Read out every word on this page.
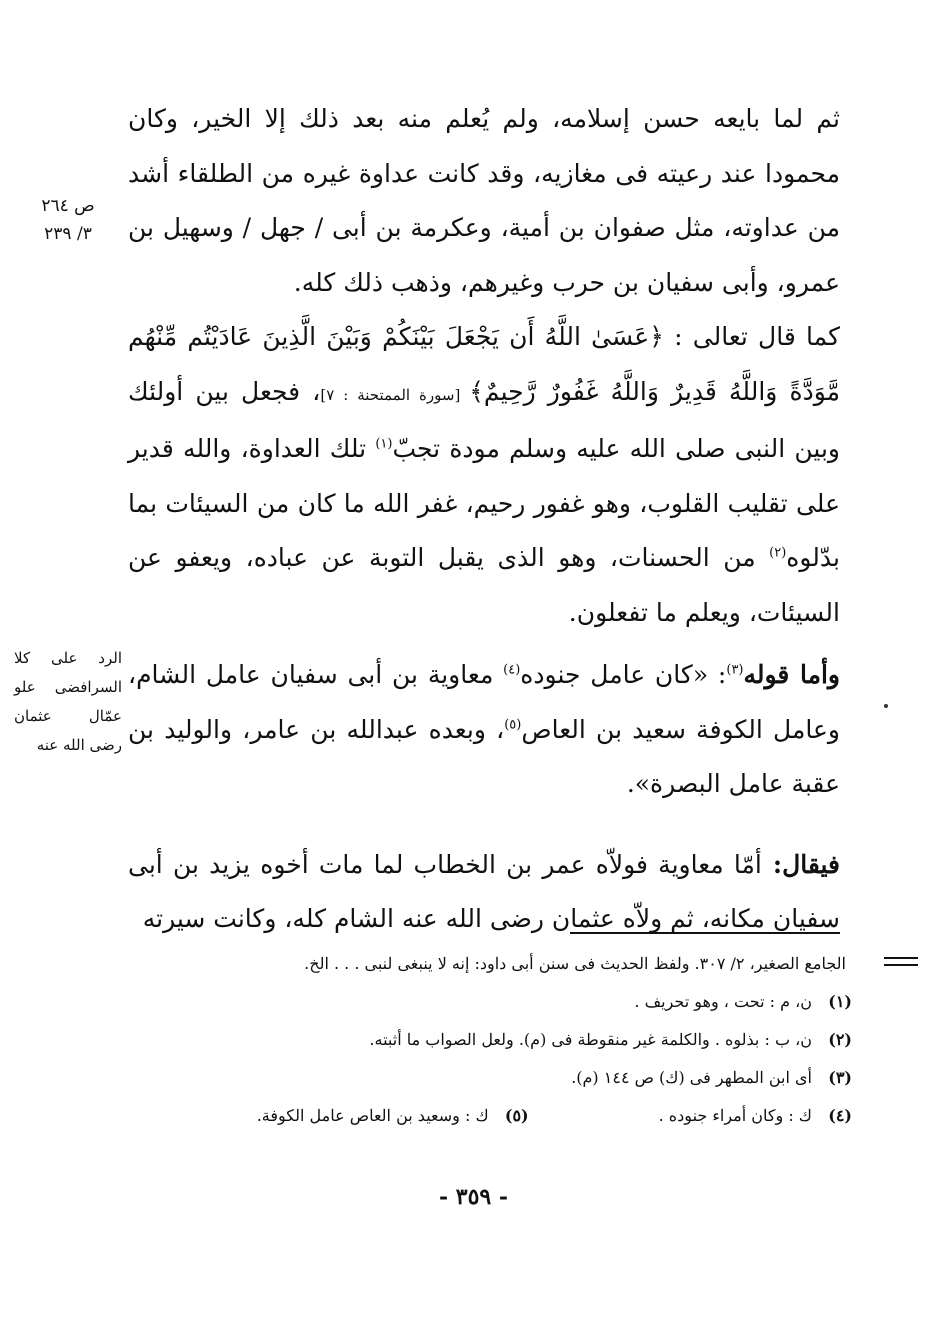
ثم لما بايعه حسن إسلامه، ولم يُعلم منه بعد ذلك إلا الخير، وكان محمودا عند رعيته فى مغازيه، وقد كانت عداوة غيره من الطلقاء أشد من عداوته، مثل صفوان بن أمية، وعكرمة بن أبى / جهل / وسهيل بن عمرو، وأبى سفيان بن حرب وغيرهم، وذهب ذلك كله.

كما قال تعالى : ﴿عَسَىٰ اللَّهُ أَن يَجْعَلَ بَيْنَكُمْ وَبَيْنَ الَّذِينَ عَادَيْتُم مِّنْهُم مَّوَدَّةً وَاللَّهُ قَدِيرٌ وَاللَّهُ غَفُورٌ رَّحِيمٌ﴾ [سورة الممتحنة : ٧]، فجعل بين أولئك وبين النبى صلى الله عليه وسلم مودة تجبّ$^{(١)}$ تلك العداوة، والله قدير على تقليب القلوب، وهو غفور رحيم، غفر الله ما كان من السيئات بما بدّلوه$^{(٢)}$ من الحسنات، وهو الذى يقبل التوبة عن عباده، ويعفو عن السيئات، ويعلم ما تفعلون.

وأما قوله$^{(٣)}$: «كان عامل جنوده$^{(٤)}$ معاوية بن أبى سفيان عامل الشام، وعامل الكوفة سعيد بن العاص$^{(٥)}$، وبعده عبدالله بن عامر، والوليد بن عقبة عامل البصرة».

فيقال: أمّا معاوية فولاّه عمر بن الخطاب لما مات أخوه يزيد بن أبى سفيان مكانه، ثم ولاّه عثمان رضى الله عنه الشام كله، وكانت سيرته

ص ٢٦٤
٣/ ٢٣٩
الرد على كلا السرافضى علو عمّال عثمان رضى الله عنه
الجامع الصغير، ٢/ ٣٠٧. ولفظ الحديث فى سنن أبى داود: إنه لا ينبغى لنبى . . . الخ.
(١)
ن، م : تحت ، وهو تحريف .
(٢)
ن، ب : بذلوه . والكلمة غير منقوطة فى (م). ولعل الصواب ما أثبته.
(٣)
أى ابن المطهر فى (ك) ص ١٤٤ (م).
(٤)
ك : وكان أمراء جنوده .
(٥)
ك : وسعيد بن العاص عامل الكوفة.
- ٣٥٩ -
